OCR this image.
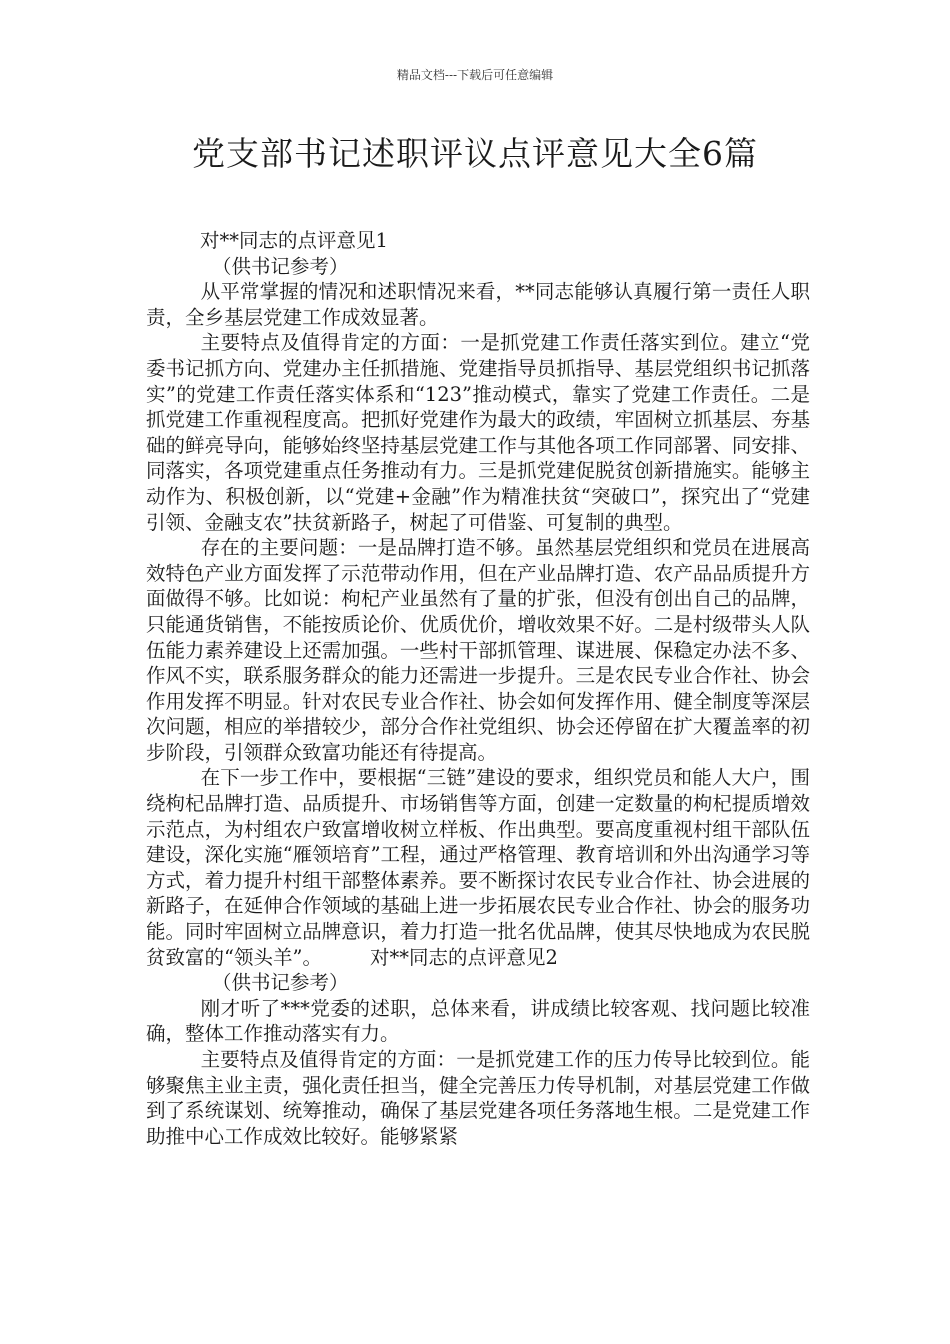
精品文档---下载后可任意编辑
党支部书记述职评议点评意见大全6篇

对**同志的点评意见1

（供书记参考）

从平常掌握的情况和述职情况来看，**同志能够认真履行第一责任人职责，全乡基层党建工作成效显著。

主要特点及值得肯定的方面：一是抓党建工作责任落实到位。建立“党委书记抓方向、党建办主任抓措施、党建指导员抓指导、基层党组织书记抓落实”的党建工作责任落实体系和“123”推动模式，靠实了党建工作责任。二是抓党建工作重视程度高。把抓好党建作为最大的政绩，牢固树立抓基层、夯基础的鲜亮导向，能够始终坚持基层党建工作与其他各项工作同部署、同安排、同落实，各项党建重点任务推动有力。三是抓党建促脱贫创新措施实。能够主动作为、积极创新，以“党建+金融”作为精准扶贫“突破口”，探究出了“党建引领、金融支农”扶贫新路子，树起了可借鉴、可复制的典型。

存在的主要问题：一是品牌打造不够。虽然基层党组织和党员在进展高效特色产业方面发挥了示范带动作用，但在产业品牌打造、农产品品质提升方面做得不够。比如说：枸杞产业虽然有了量的扩张，但没有创出自己的品牌，只能通货销售，不能按质论价、优质优价，增收效果不好。二是村级带头人队伍能力素养建设上还需加强。一些村干部抓管理、谋进展、保稳定办法不多、作风不实，联系服务群众的能力还需进一步提升。三是农民专业合作社、协会作用发挥不明显。针对农民专业合作社、协会如何发挥作用、健全制度等深层次问题，相应的举措较少，部分合作社党组织、协会还停留在扩大覆盖率的初步阶段，引领群众致富功能还有待提高。

在下一步工作中，要根据“三链”建设的要求，组织党员和能人大户，围绕枸杞品牌打造、品质提升、市场销售等方面，创建一定数量的枸杞提质增效示范点，为村组农户致富增收树立样板、作出典型。要高度重视村组干部队伍建设，深化实施“雁领培育”工程，通过严格管理、教育培训和外出沟通学习等方式，着力提升村组干部整体素养。要不断探讨农民专业合作社、协会进展的新路子，在延伸合作领域的基础上进一步拓展农民专业合作社、协会的服务功能。同时牢固树立品牌意识，着力打造一批名优品牌，使其尽快地成为农民脱贫致富的“领头羊”。 对**同志的点评意见2

（供书记参考）

刚才听了***党委的述职，总体来看，讲成绩比较客观、找问题比较准确，整体工作推动落实有力。

主要特点及值得肯定的方面：一是抓党建工作的压力传导比较到位。能够聚焦主业主责，强化责任担当，健全完善压力传导机制，对基层党建工作做到了系统谋划、统筹推动，确保了基层党建各项任务落地生根。二是党建工作助推中心工作成效比较好。能够紧紧
